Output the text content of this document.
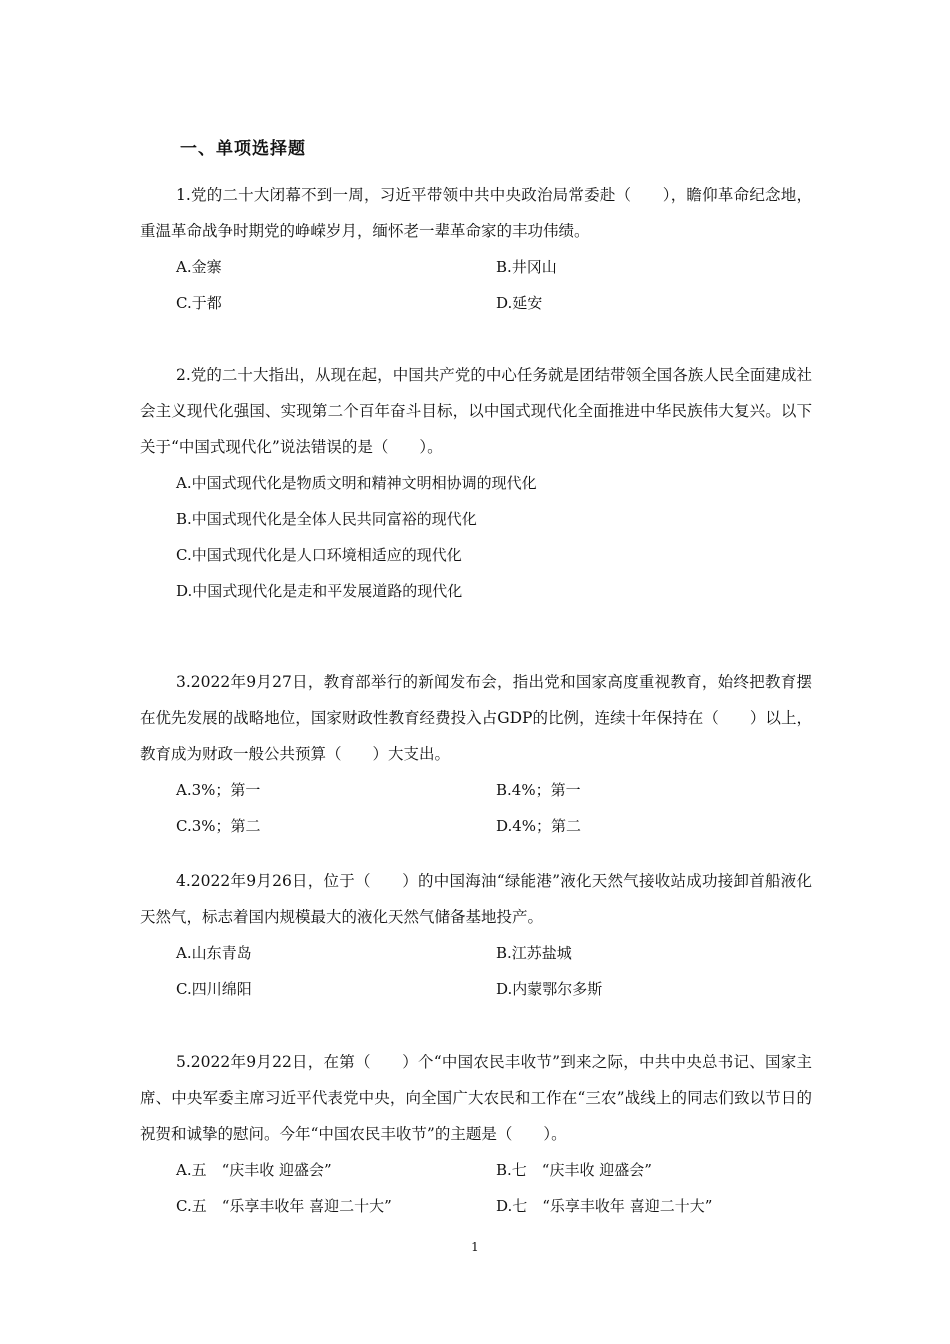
一、单项选择题

1.党的二十大闭幕不到一周，习近平带领中共中央政治局常委赴（　　），瞻仰革命纪念地，重温革命战争时期党的峥嵘岁月，缅怀老一辈革命家的丰功伟绩。

A.金寨	B.井冈山
C.于都	D.延安

2.党的二十大指出，从现在起，中国共产党的中心任务就是团结带领全国各族人民全面建成社会主义现代化强国、实现第二个百年奋斗目标，以中国式现代化全面推进中华民族伟大复兴。以下关于“中国式现代化”说法错误的是（　　）。

A.中国式现代化是物质文明和精神文明相协调的现代化
B.中国式现代化是全体人民共同富裕的现代化
C.中国式现代化是人口环境相适应的现代化
D.中国式现代化是走和平发展道路的现代化

3.2022年9月27日，教育部举行的新闻发布会，指出党和国家高度重视教育，始终把教育摆在优先发展的战略地位，国家财政性教育经费投入占GDP的比例，连续十年保持在（　　）以上，教育成为财政一般公共预算（　　）大支出。

A.3%；第一	B.4%；第一
C.3%；第二	D.4%；第二

4.2022年9月26日，位于（　　）的中国海油“绿能港”液化天然气接收站成功接卸首船液化天然气，标志着国内规模最大的液化天然气储备基地投产。

A.山东青岛	B.江苏盐城
C.四川绵阳	D.内蒙鄂尔多斯

5.2022年9月22日，在第（　　）个“中国农民丰收节”到来之际，中共中央总书记、国家主席、中央军委主席习近平代表党中央，向全国广大农民和工作在“三农”战线上的同志们致以节日的祝贺和诚挚的慰问。今年“中国农民丰收节”的主题是（　　）。

A.五　“庆丰收 迎盛会”	B.七　“庆丰收 迎盛会”
C.五　“乐享丰收年 喜迎二十大”	D.七　“乐享丰收年 喜迎二十大”
1
